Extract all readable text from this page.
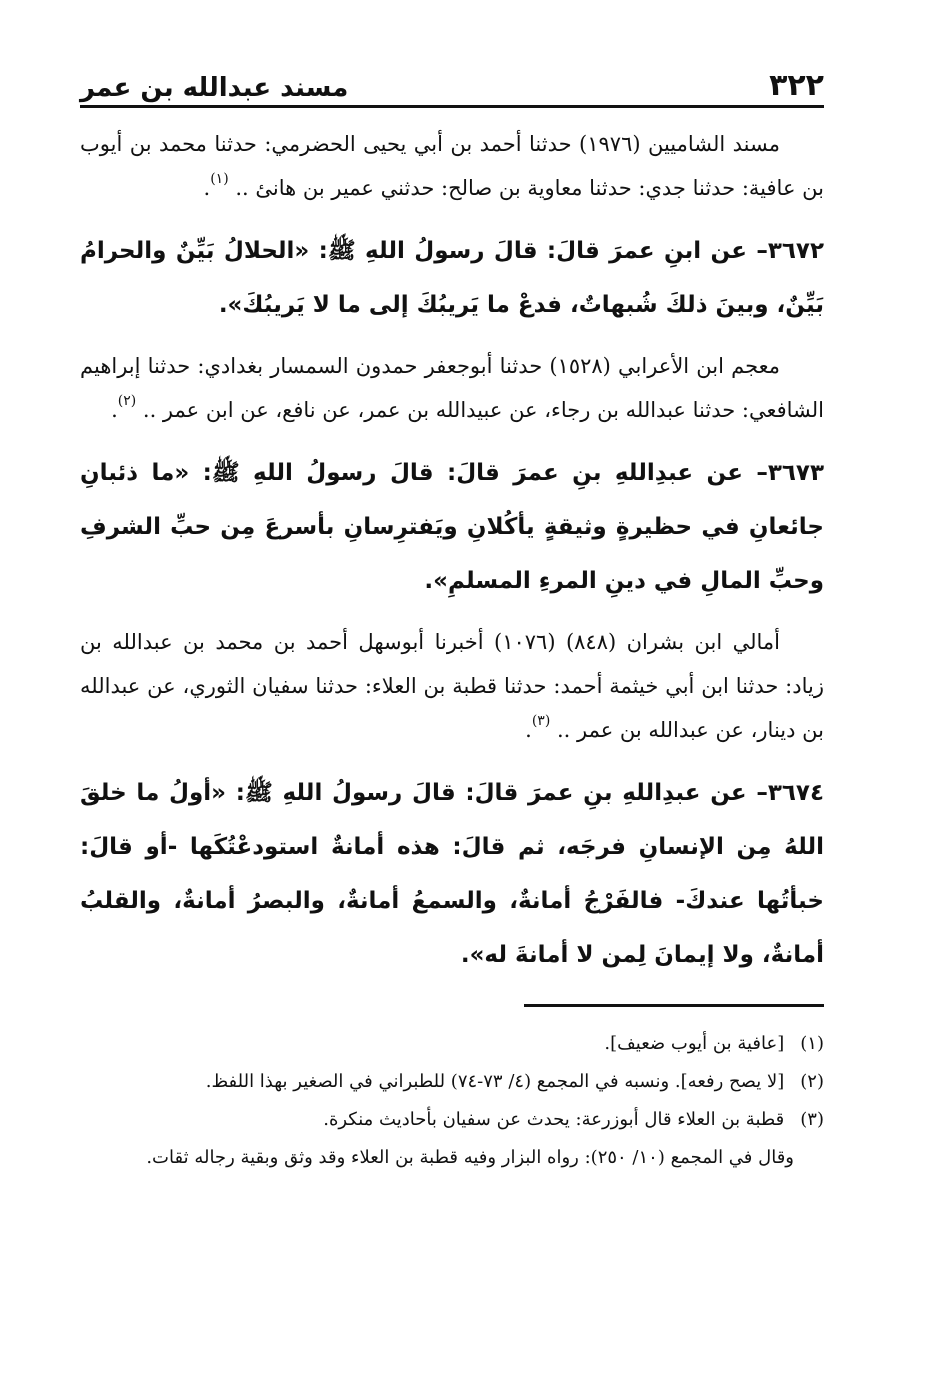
٣٢٢
مسند عبدالله بن عمر

مسند الشاميين (١٩٧٦) حدثنا أحمد بن أبي يحيى الحضرمي: حدثنا محمد بن أيوب بن عافية: حدثنا جدي: حدثنا معاوية بن صالح: حدثني عمير بن هانئ .. $^{(١)}$.

٣٦٧٢– عن ابنِ عمرَ قالَ: قالَ رسولُ اللهِ ﷺ: «الحلالُ بَيِّنٌ والحرامُ بَيِّنٌ، وبينَ ذلكَ شُبهاتٌ، فدعْ ما يَريبُكَ إلى ما لا يَريبُكَ».

معجم ابن الأعرابي (١٥٢٨) حدثنا أبوجعفر حمدون السمسار بغدادي: حدثنا إبراهيم الشافعي: حدثنا عبدالله بن رجاء، عن عبيدالله بن عمر، عن نافع، عن ابن عمر .. $^{(٢)}$.

٣٦٧٣– عن عبدِاللهِ بنِ عمرَ قالَ: قالَ رسولُ اللهِ ﷺ: «ما ذئبانِ جائعانِ في حظيرةٍ وثيقةٍ يأكُلانِ ويَفترِسانِ بأسرعَ مِن حبِّ الشرفِ وحبِّ المالِ في دينِ المرءِ المسلمِ».

أمالي ابن بشران (٨٤٨) (١٠٧٦) أخبرنا أبوسهل أحمد بن محمد بن عبدالله بن زياد: حدثنا ابن أبي خيثمة أحمد: حدثنا قطبة بن العلاء: حدثنا سفيان الثوري، عن عبدالله بن دينار، عن عبدالله بن عمر .. $^{(٣)}$.

٣٦٧٤– عن عبدِاللهِ بنِ عمرَ قالَ: قالَ رسولُ اللهِ ﷺ: «أولُ ما خلقَ اللهُ مِن الإنسانِ فرجَه، ثم قالَ: هذه أمانةٌ استودعْتُكَها -أو قالَ: خبأتُها عندكَ- فالفَرْجُ أمانةٌ، والسمعُ أمانةٌ، والبصرُ أمانةٌ، والقلبُ أمانةٌ، ولا إيمانَ لِمن لا أمانةَ له».

(١) [عافية بن أيوب ضعيف].

(٢) [لا يصح رفعه]. ونسبه في المجمع (٤/ ٧٣-٧٤) للطبراني في الصغير بهذا اللفظ.

(٣) قطبة بن العلاء قال أبوزرعة: يحدث عن سفيان بأحاديث منكرة.

وقال في المجمع (١٠/ ٢٥٠): رواه البزار وفيه قطبة بن العلاء وقد وثق وبقية رجاله ثقات.
